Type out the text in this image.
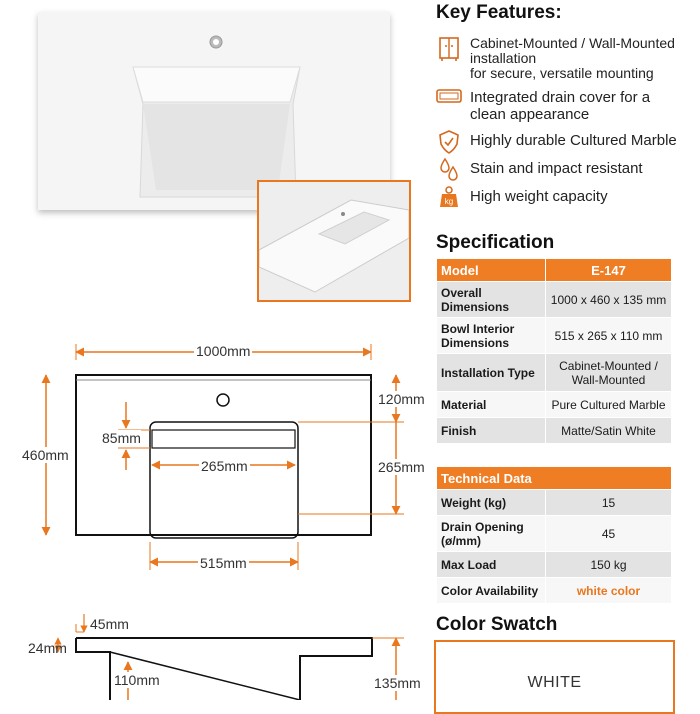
Key Features:
Cabinet-Mounted / Wall-Mounted
installation
for secure, versatile mounting
Integrated drain cover for a
clean appearance
Highly durable Cultured Marble
Stain and impact resistant
kg High weight capacity
Specification
Model	E-147
Overall Dimensions	1000 x 460 x 135 mm
Bowl Interior Dimensions	515 x 265 x 110 mm
Installation Type	Cabinet-Mounted / Wall-Mounted
Material	Pure Cultured Marble
Finish	Matte/Satin White
Technical Data	
Weight (kg)	15
Drain Opening (ø/mm)	45
Max Load	150 kg
Color Availability	white color
Color Swatch
WHITE
1000mm
460mm
120mm
265mm	265mm
85mm
515mm
45mm
24mm
110mm	135mm
